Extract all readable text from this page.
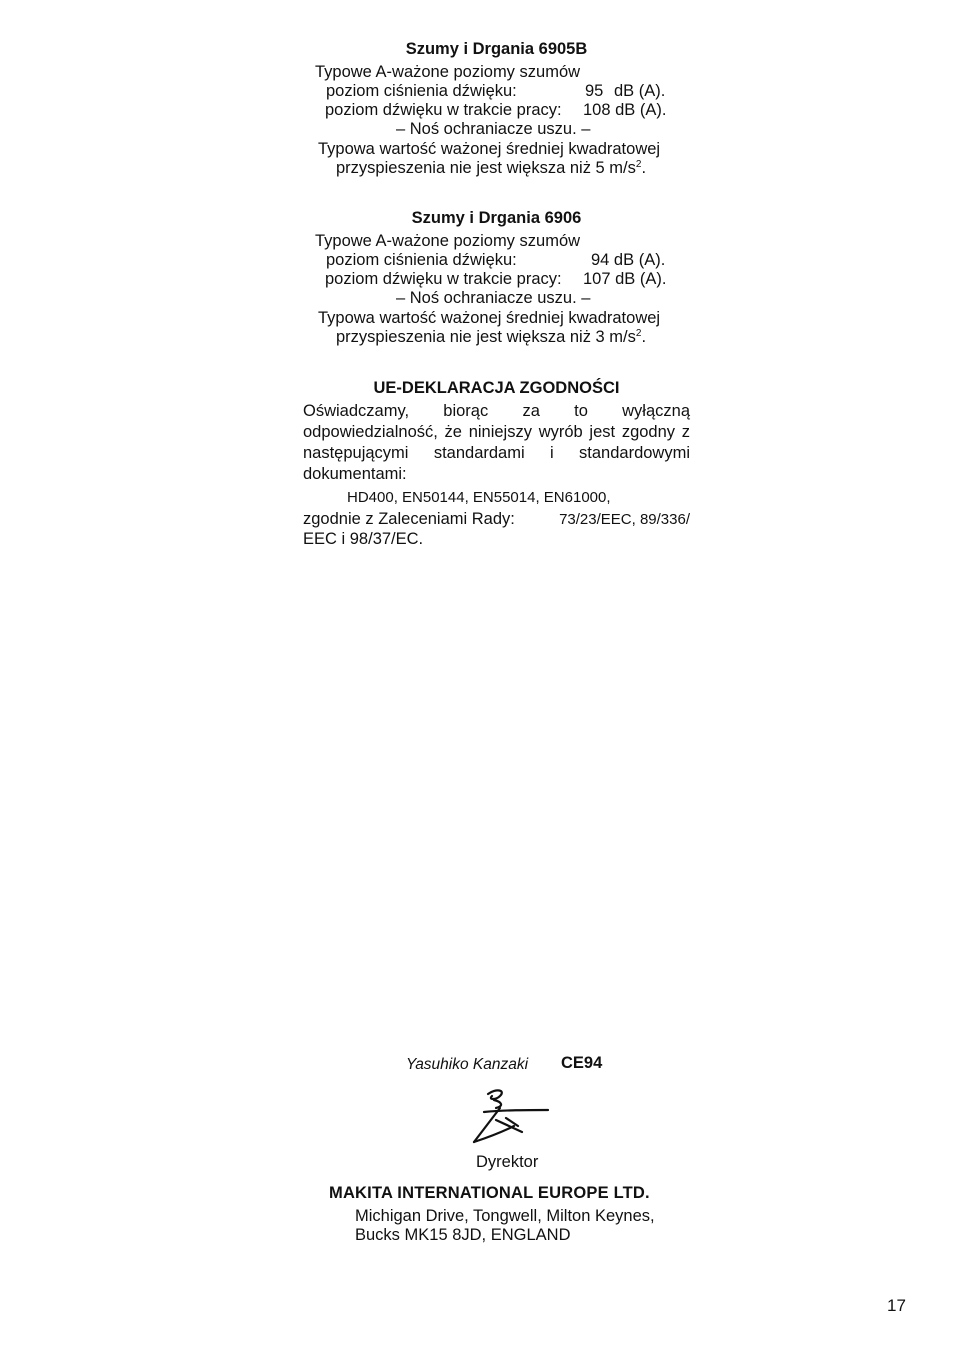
Szumy i Drgania 6905B
Typowe A-ważone poziomy szumów
poziom ciśnienia dźwięku:	95 dB (A).
poziom dźwięku w trakcie pracy: 108 dB (A).
– Noś ochraniacze uszu. –
Typowa wartość ważonej średniej kwadratowej
przyspieszenia nie jest większa niż 5 $m/s^2$.
Szumy i Drgania 6906
Typowe A-ważone poziomy szumów
poziom ciśnienia dźwięku:	94 dB (A).
poziom dźwięku w trakcie pracy: 107 dB (A).
– Noś ochraniacze uszu. –
Typowa wartość ważonej średniej kwadratowej
przyspieszenia nie jest większa niż 3 $m/s^2$.
UE-DEKLARACJA ZGODNOŚCI
Oświadczamy, biorąc za to wyłączną odpowiedzialność, że niniejszy wyrób jest zgodny z następującymi standardami i standardowymi dokumentami:
HD400, EN50144, EN55014, EN61000,
zgodnie z Zaleceniami Rady:	73/23/EEC, 89/336/
EEC i 98/37/EC.
Yasuhiko Kanzaki CE94
Dyrektor
MAKITA INTERNATIONAL EUROPE LTD.
Michigan Drive, Tongwell, Milton Keynes,
Bucks MK15 8JD, ENGLAND
17
